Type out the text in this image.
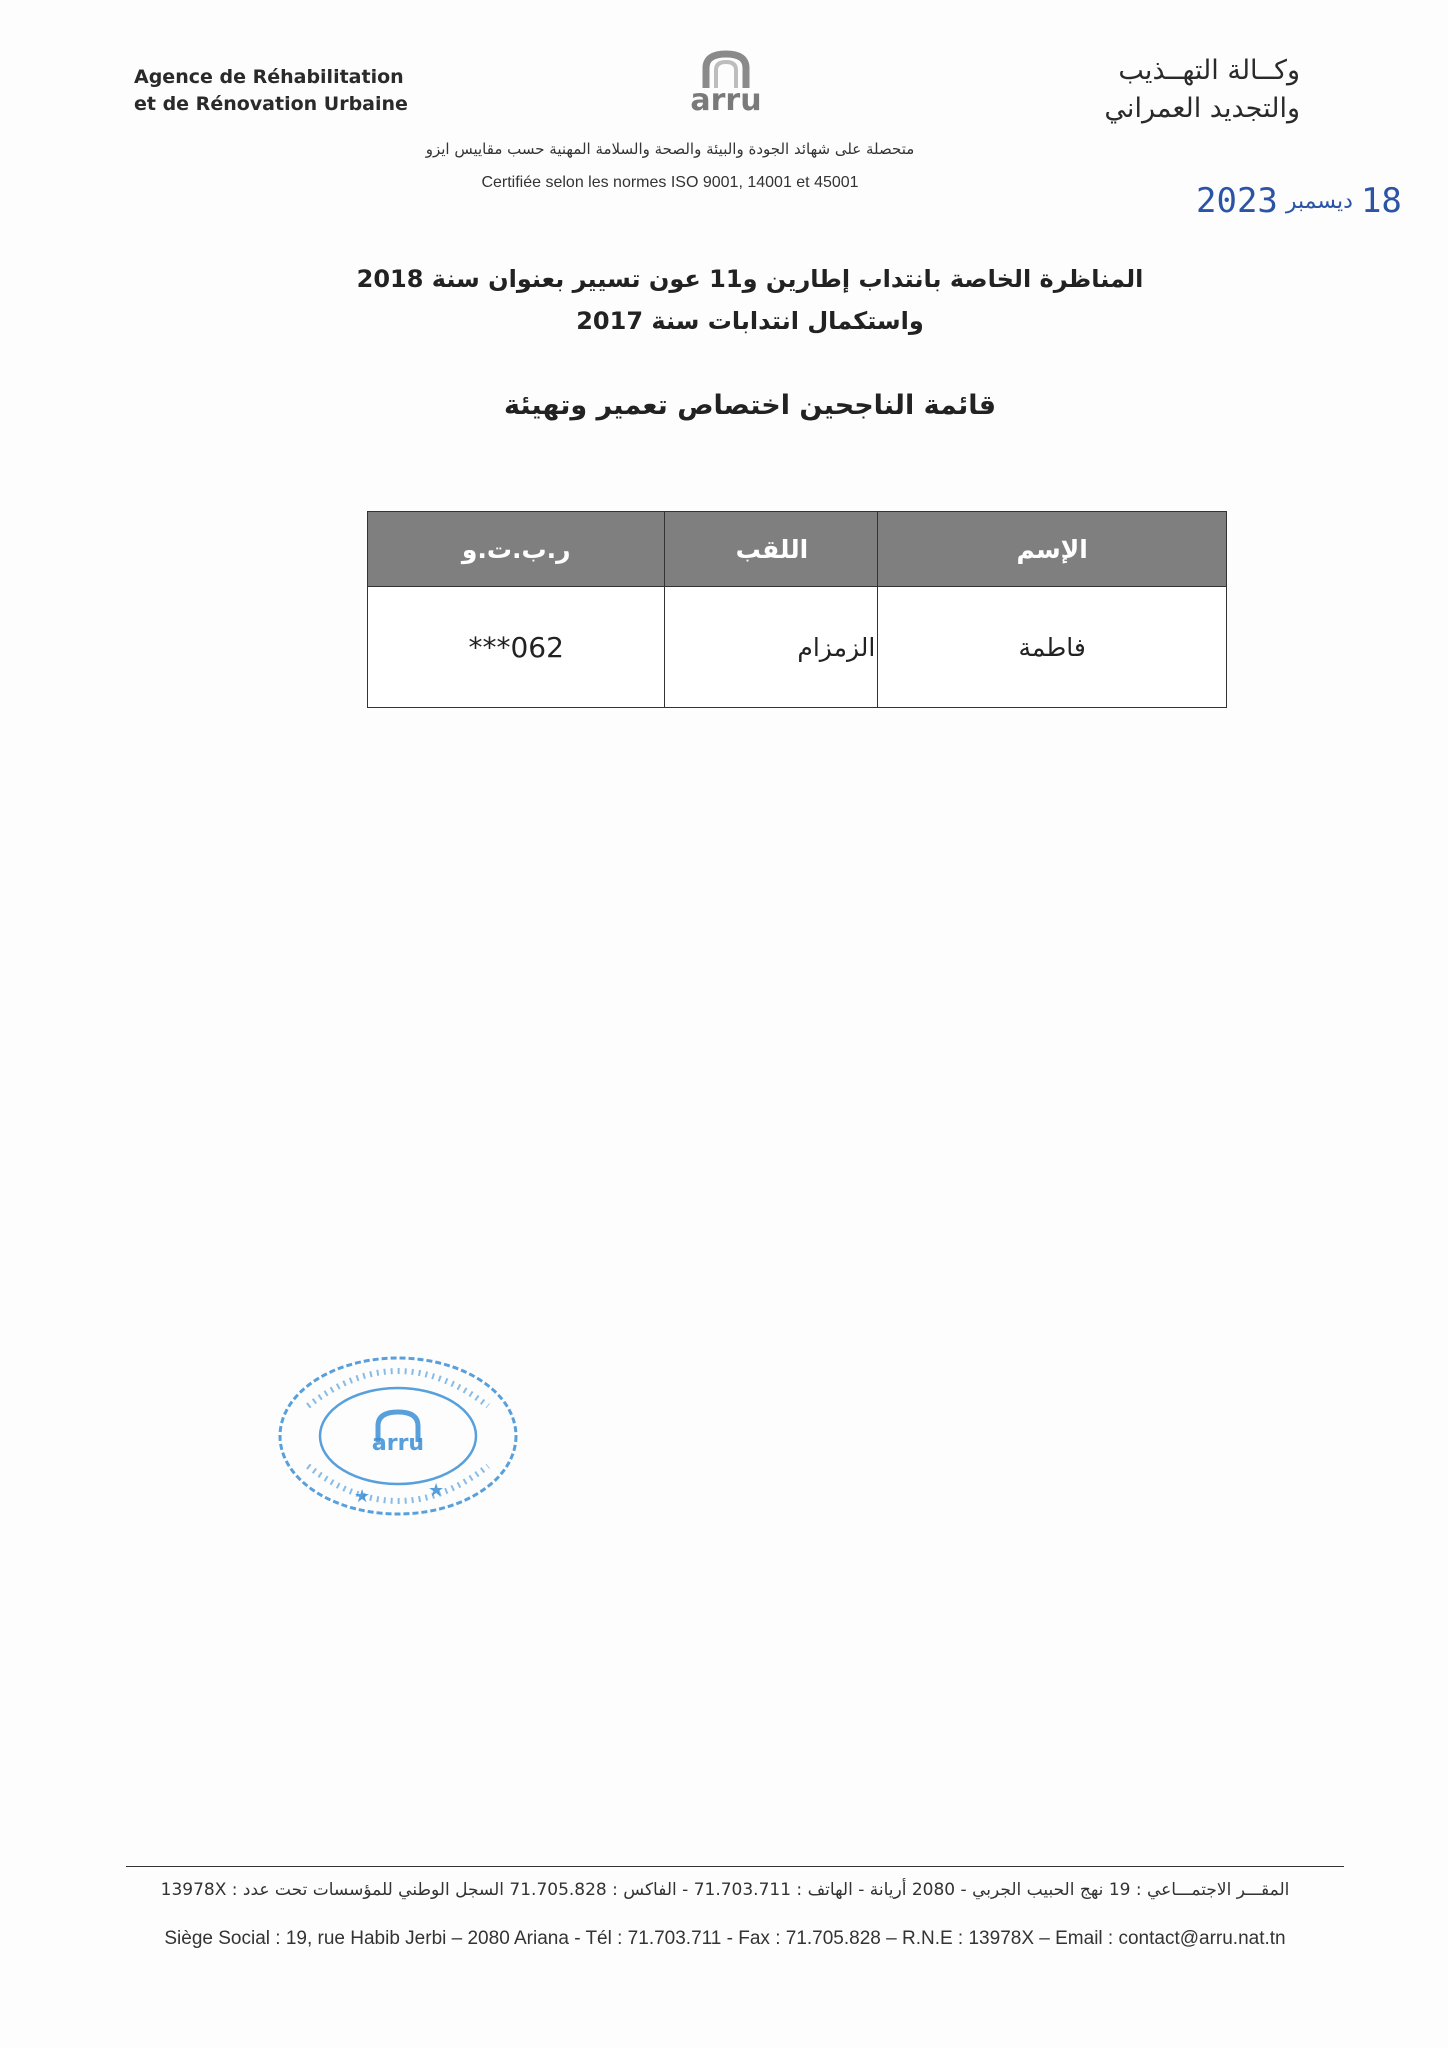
Agence de Réhabilitation
et de Rénovation Urbaine	arru
وكــالة التهــذيب
والتجديد العمراني
متحصلة على شهائد الجودة والبيئة والصحة والسلامة المهنية حسب مقاييس ايزو
Certifiée selon les normes ISO 9001, 14001 et 45001	2023 ديسمبر 18
المناظرة الخاصة بانتداب إطارين و11 عون تسيير بعنوان سنة 2018
واستكمال انتدابات سنة 2017
قائمة الناجحين اختصاص تعمير وتهيئة
الإسم	اللقب	ر.ب.ت.و
فاطمة	الزمزام	***062
arru
★	★
المقـــر الاجتمـــاعي : 19 نهج الحبيب الجربي - 2080 أريانة - الهاتف : 71.703.711 - الفاكس : 71.705.828 السجل الوطني للمؤسسات تحت عدد : 13978X
Siège Social : 19, rue Habib Jerbi – 2080 Ariana - Tél : 71.703.711 - Fax : 71.705.828 – R.N.E : 13978X – Email : contact@arru.nat.tn
